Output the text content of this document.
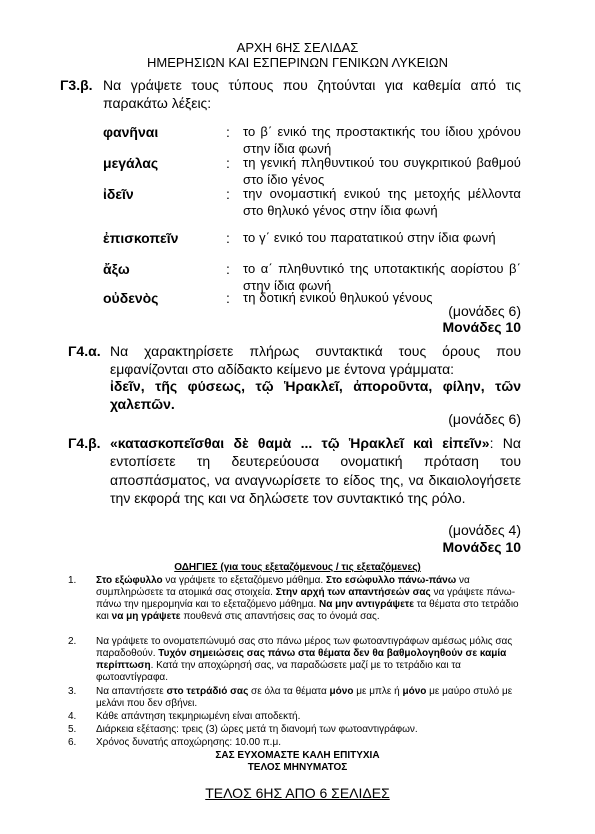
ΑΡΧΗ 6ΗΣ ΣΕΛΙΔΑΣ
ΗΜΕΡΗΣΙΩΝ ΚΑΙ ΕΣΠΕΡΙΝΩΝ ΓΕΝΙΚΩΝ ΛΥΚΕΙΩΝ
Γ3.β. Να γράψετε τους τύπους που ζητούνται για καθεμία από τις παρακάτω λέξεις:
φανῆναι	: το β΄ ενικό της προστακτικής του ίδιου χρόνου στην ίδια φωνή
μεγάλας	: τη γενική πληθυντικού του συγκριτικού βαθμού στο ίδιο γένος
ἰδεῖν	: την ονομαστική ενικού της μετοχής μέλλοντα στο θηλυκό γένος στην ίδια φωνή
ἐπισκοπεῖν	: το γ΄ ενικό του παρατατικού στην ίδια φωνή
ἄξω	: το α΄ πληθυντικό της υποτακτικής αορίστου β΄ στην ίδια φωνή
οὐδενὸς	: τη δοτική ενικού θηλυκού γένους
(μονάδες 6)
Μονάδες 10
Γ4.α. Να χαρακτηρίσετε πλήρως συντακτικά τους όρους που εμφανίζονται στο αδίδακτο κείμενο με έντονα γράμματα:
ἰδεῖν, τῆς φύσεως, τῷ Ἡρακλεῖ, ἀποροῦντα, φίλην, τῶν χαλεπῶν.
(μονάδες 6)
Γ4.β. «κατασκοπεῖσθαι δὲ θαμὰ ... τῷ Ἡρακλεῖ καὶ εἰπεῖν»: Να εντοπίσετε τη δευτερεύουσα ονοματική πρόταση του αποσπάσματος, να αναγνωρίσετε το είδος της, να δικαιολογήσετε την εκφορά της και να δηλώσετε τον συντακτικό της ρόλο.
(μονάδες 4)
Μονάδες 10
ΟΔΗΓΙΕΣ (για τους εξεταζόμενους / τις εξεταζόμενες)
1. Στο εξώφυλλο να γράψετε το εξεταζόμενο μάθημα. Στο εσώφυλλο πάνω-πάνω να συμπληρώσετε τα ατομικά σας στοιχεία. Στην αρχή των απαντήσεών σας να γράψετε πάνω-πάνω την ημερομηνία και το εξεταζόμενο μάθημα. Να μην αντιγράψετε τα θέματα στο τετράδιο και να μη γράψετε πουθενά στις απαντήσεις σας το όνομά σας.
2. Να γράψετε το ονοματεπώνυμό σας στο πάνω μέρος των φωτοαντιγράφων αμέσως μόλις σας παραδοθούν. Τυχόν σημειώσεις σας πάνω στα θέματα δεν θα βαθμολογηθούν σε καμία περίπτωση. Κατά την αποχώρησή σας, να παραδώσετε μαζί με το τετράδιο και τα φωτοαντίγραφα.
3. Να απαντήσετε στο τετράδιό σας σε όλα τα θέματα μόνο με μπλε ή μόνο με μαύρο στυλό με μελάνι που δεν σβήνει.
4. Κάθε απάντηση τεκμηριωμένη είναι αποδεκτή.
5. Διάρκεια εξέτασης: τρεις (3) ώρες μετά τη διανομή των φωτοαντιγράφων.
6. Χρόνος δυνατής αποχώρησης: 10.00 π.μ.
ΣΑΣ ΕΥΧΟΜΑΣΤΕ ΚΑΛΗ ΕΠΙΤΥΧΙΑ
ΤΕΛΟΣ ΜΗΝΥΜΑΤΟΣ
ΤΕΛΟΣ 6ΗΣ ΑΠΟ 6 ΣΕΛΙΔΕΣ
